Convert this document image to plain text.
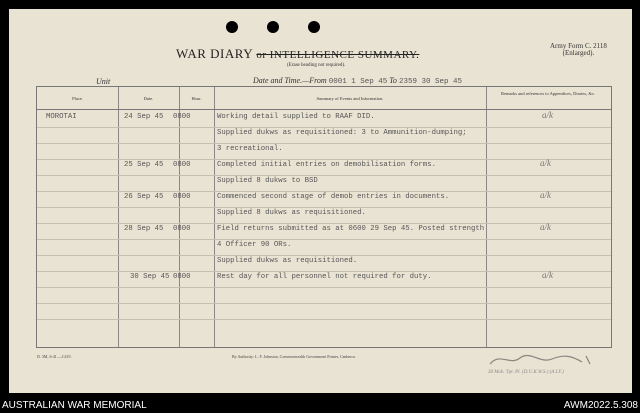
WAR DIARY or INTELLIGENCE SUMMARY.
(Erase heading not required).
Army Form C. 2118
(Enlarged).
Unit	Date and Time.—From 0001 1 Sep 45 To 2359 30 Sep 45
Place.	Date.	Hour.	Summary of Events and Information.
Remarks and references to Appendices, Diaries, &c.
MOROTAI	24 Sep 45 0800	Working detail supplied to RAAF DID.	a/k
Supplied dukws as requisitioned: 3 to Ammunition-dumping;
3 recreational.
25 Sep 45 0800	Completed initial entries on demobilisation forms.	a/k
Supplied 8 dukws to BSD
26 Sep 45 0800	Commenced second stage of demob entries in documents.	a/k
Supplied 8 dukws as requisitioned.
28 Sep 45 0800	Field returns submitted as at 0600 29 Sep 45. Posted strength	a/k
4 Officer 90 ORs.
Supplied dukws as requisitioned.
30 Sep 45 0800	Rest day for all personnel not required for duty.	a/k
D. 3M, 6-41.—C419.	By Authority: L. F. Johnston, Commonwealth Government Printer, Canberra.
30 Mob. Tpt. Pl. (D.U.K.W.S.) (A.I.F.)
AUSTRALIAN WAR MEMORIAL	AWM2022.5.308
